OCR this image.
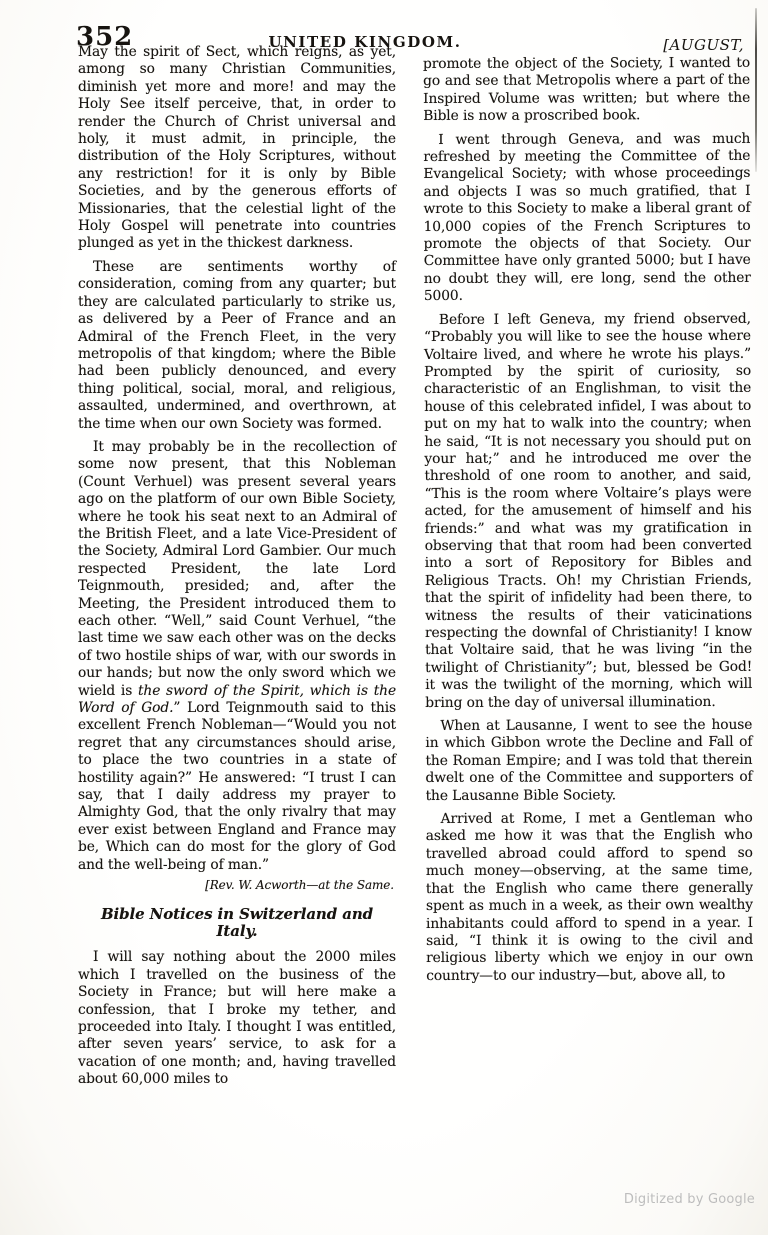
352	UNITED KINGDOM.	[AUGUST,

May the spirit of Sect, which reigns, as yet, among so many Christian Communities, diminish yet more and more! and may the Holy See itself perceive, that, in order to render the Church of Christ universal and holy, it must admit, in principle, the distribution of the Holy Scriptures, without any restriction! for it is only by Bible Societies, and by the generous efforts of Missionaries, that the celestial light of the Holy Gospel will penetrate into countries plunged as yet in the thickest darkness.

These are sentiments worthy of consideration, coming from any quarter; but they are calculated particularly to strike us, as delivered by a Peer of France and an Admiral of the French Fleet, in the very metropolis of that kingdom; where the Bible had been publicly denounced, and every thing political, social, moral, and religious, assaulted, undermined, and overthrown, at the time when our own Society was formed.

It may probably be in the recollection of some now present, that this Nobleman (Count Verhuel) was present several years ago on the platform of our own Bible Society, where he took his seat next to an Admiral of the British Fleet, and a late Vice-President of the Society, Admiral Lord Gambier. Our much respected President, the late Lord Teignmouth, presided; and, after the Meeting, the President introduced them to each other. “Well,” said Count Verhuel, “the last time we saw each other was on the decks of two hostile ships of war, with our swords in our hands; but now the only sword which we wield is the sword of the Spirit, which is the Word of God.” Lord Teignmouth said to this excellent French Nobleman—“Would you not regret that any circumstances should arise, to place the two countries in a state of hostility again?” He answered: “I trust I can say, that I daily address my prayer to Almighty God, that the only rivalry that may ever exist between England and France may be, Which can do most for the glory of God and the well-being of man.”

[Rev. W. Acworth—at the Same.

Bible Notices in Switzerland and Italy.

I will say nothing about the 2000 miles which I travelled on the business of the Society in France; but will here make a confession, that I broke my tether, and proceeded into Italy. I thought I was entitled, after seven years’ service, to ask for a vacation of one month; and, having travelled about 60,000 miles to

promote the object of the Society, I wanted to go and see that Metropolis where a part of the Inspired Volume was written; but where the Bible is now a proscribed book.

I went through Geneva, and was much refreshed by meeting the Committee of the Evangelical Society; with whose proceedings and objects I was so much gratified, that I wrote to this Society to make a liberal grant of 10,000 copies of the French Scriptures to promote the objects of that Society. Our Committee have only granted 5000; but I have no doubt they will, ere long, send the other 5000.

Before I left Geneva, my friend observed, “Probably you will like to see the house where Voltaire lived, and where he wrote his plays.” Prompted by the spirit of curiosity, so characteristic of an Englishman, to visit the house of this celebrated infidel, I was about to put on my hat to walk into the country; when he said, “It is not necessary you should put on your hat;” and he introduced me over the threshold of one room to another, and said, “This is the room where Voltaire’s plays were acted, for the amusement of himself and his friends:” and what was my gratification in observing that that room had been converted into a sort of Repository for Bibles and Religious Tracts. Oh! my Christian Friends, that the spirit of infidelity had been there, to witness the results of their vaticinations respecting the downfal of Christianity! I know that Voltaire said, that he was living “in the twilight of Christianity”; but, blessed be God! it was the twilight of the morning, which will bring on the day of universal illumination.

When at Lausanne, I went to see the house in which Gibbon wrote the Decline and Fall of the Roman Empire; and I was told that therein dwelt one of the Committee and supporters of the Lausanne Bible Society.

Arrived at Rome, I met a Gentleman who asked me how it was that the English who travelled abroad could afford to spend so much money—observing, at the same time, that the English who came there generally spent as much in a week, as their own wealthy inhabitants could afford to spend in a year. I said, “I think it is owing to the civil and religious liberty which we enjoy in our own country—to our industry—but, above all, to

Digitized by Google
